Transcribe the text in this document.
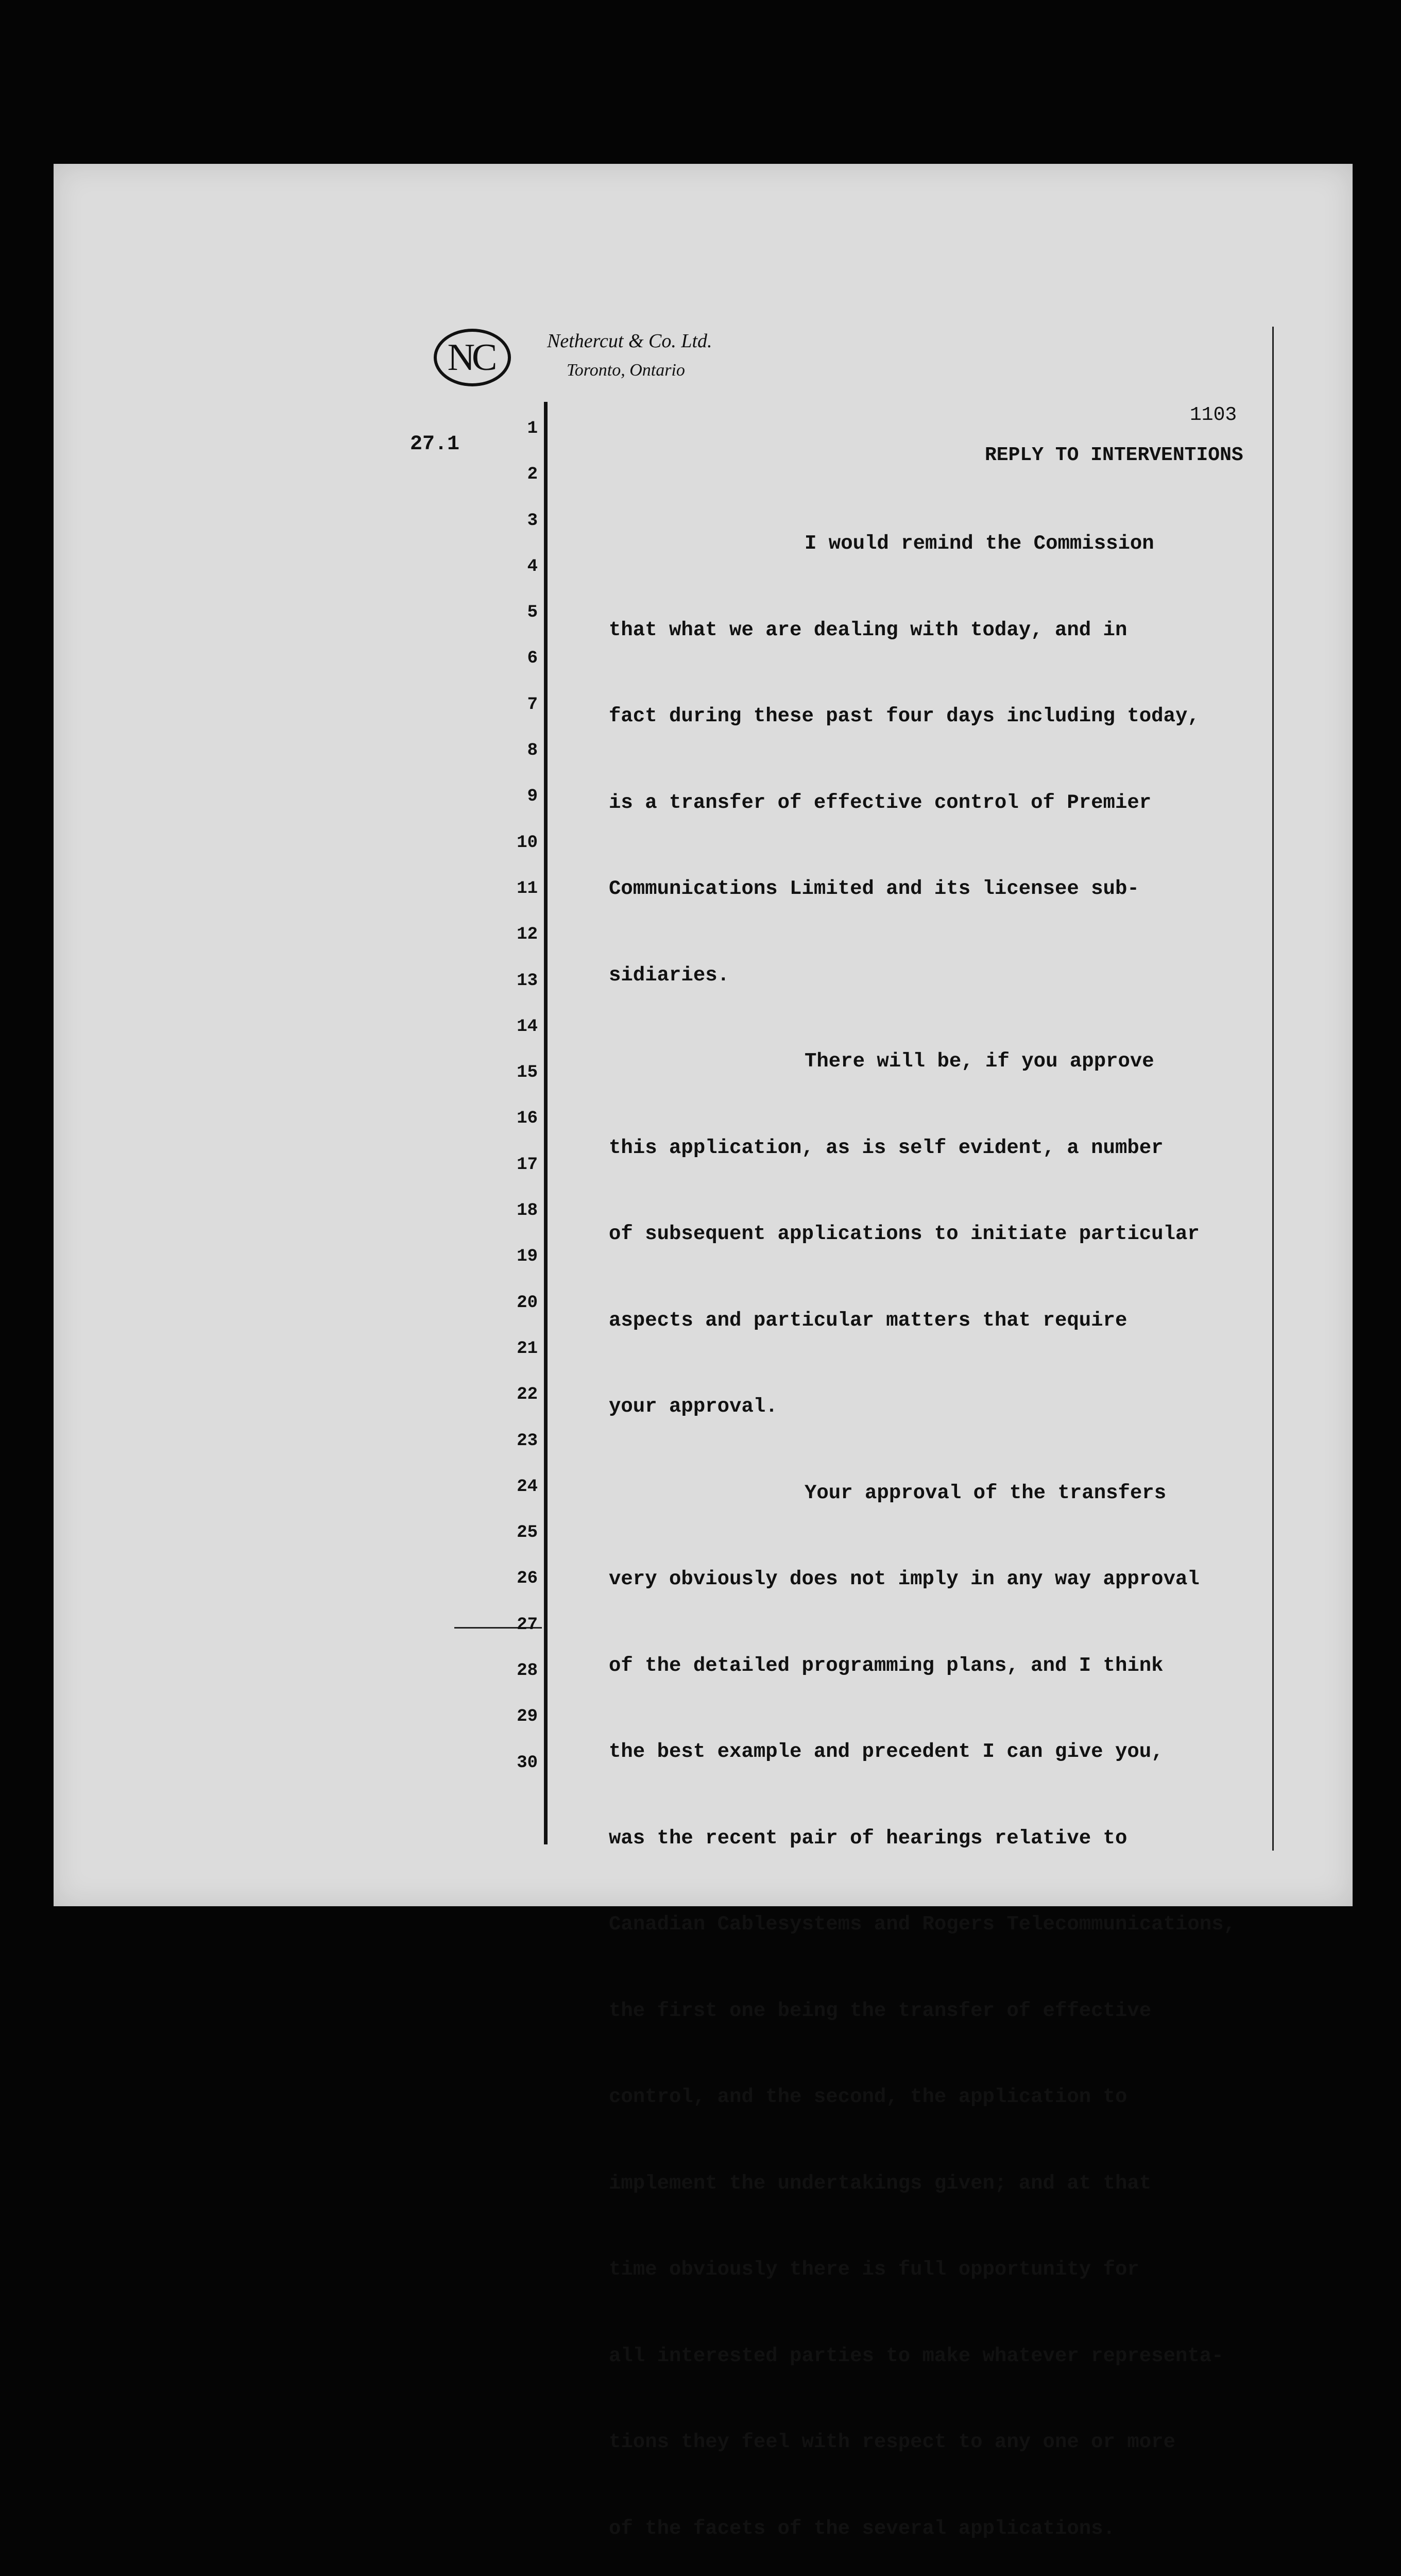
NC	Nethercut & Co. Ltd.
Toronto, Ontario
27.1
1
2
3
4
5
6
7
8
9
10
11
12
13
14
15
16
17
18
19
20
21
22
23
24
25
26
27
28
29
30
1103
REPLY TO INTERVENTIONS

I would remind the Commission

that what we are dealing with today, and in

fact during these past four days including today,

is a transfer of effective control of Premier

Communications Limited and its licensee sub-

sidiaries.

There will be, if you approve

this application, as is self evident, a number

of subsequent applications to initiate particular

aspects and particular matters that require

your approval.

Your approval of the transfers

very obviously does not imply in any way approval

of the detailed programming plans, and I think

the best example and precedent I can give you,

was the recent pair of hearings relative to

Canadian Cablesystems and Rogers Telecommunications,

the first one being the transfer of effective

control, and the second, the application to

implement the undertakings given; and at that

time obviously there is full opportunity for

all interested parties to make whatever representa-

tions they feel with respect to any one or more

of the facets of the several applications.
